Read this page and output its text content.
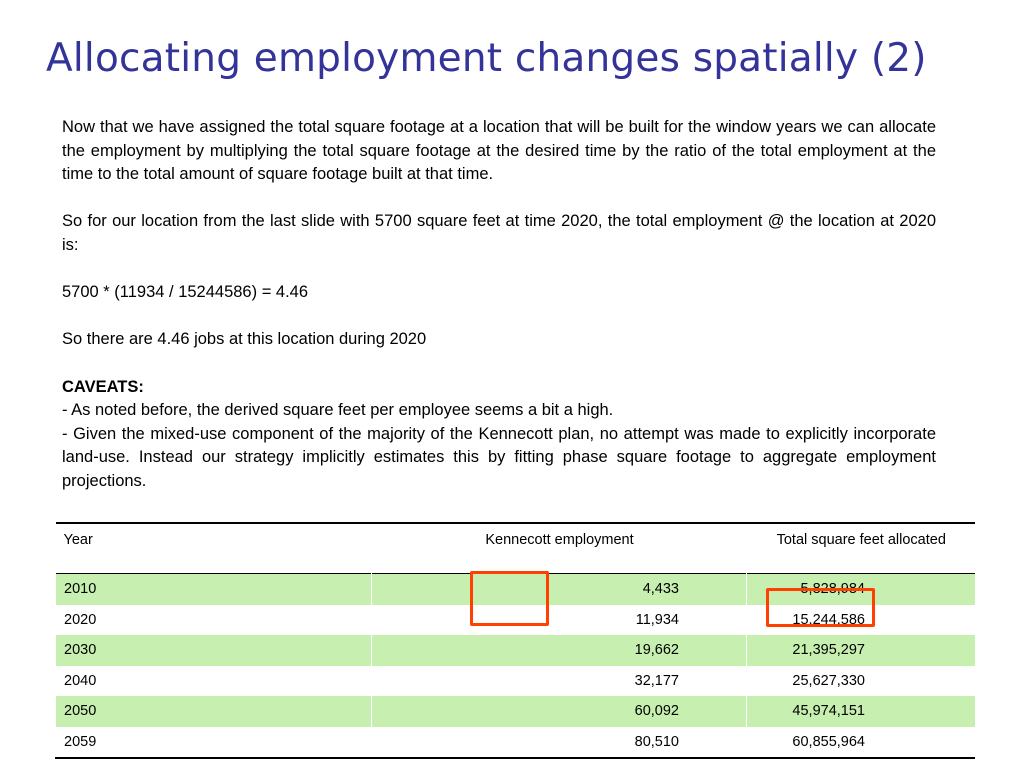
Allocating employment changes spatially (2)

Now that we have assigned the total square footage at a location that will be built for the window years we can allocate the employment by multiplying the total square footage at the desired time by the ratio of the total employment at the time to the total amount of square footage built at that time.

So for our location from the last slide with 5700 square feet at time 2020, the total employment @ the location at 2020 is:

5700 * (11934 / 15244586) = 4.46

So there are 4.46 jobs at this location during 2020

CAVEATS:

- As noted before, the derived square feet per employee seems a bit a high.

- Given the mixed-use component of the majority of the Kennecott plan, no attempt was made to explicitly incorporate land-use. Instead our strategy implicitly estimates this by fitting phase square footage to aggregate employment projections.

Year	Kennecott employment	Total square feet allocated
2010	4,433	5,828,984
2020	11,934	15,244,586
2030	19,662	21,395,297
2040	32,177	25,627,330
2050	60,092	45,974,151
2059	80,510	60,855,964
